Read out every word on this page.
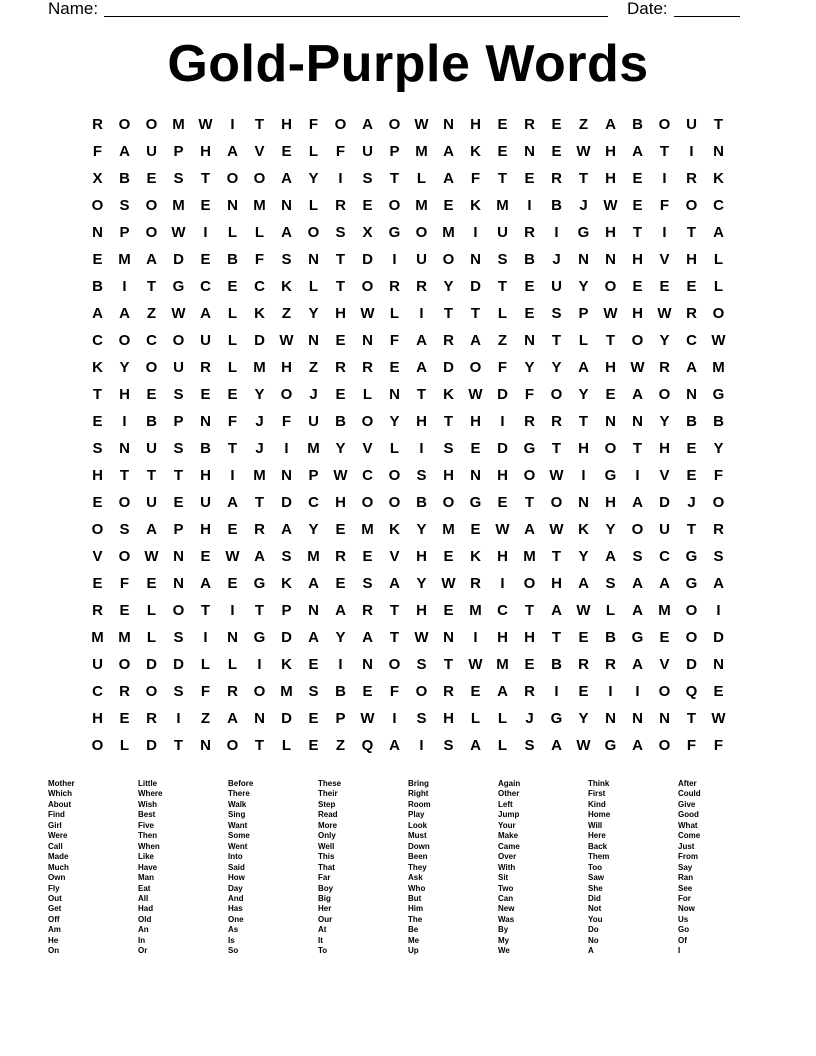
Name:	Date:
Gold-Purple Words
R	O	O M W	I	T	H	F	O	A	O W N	H	E	R	E	Z	A	B	O	U	T
F	A	U	P	H	A	V	E	L	F	U	P	M	A	K	E	N	E W H	A	T	I	N
X	B	E	S	T	O	O	A	Y	I	S	T	L	A	F	T	E	R	T	H	E	I	R	K
O	S	O M	E	N	M	N	L	R	E	O M	E	K	M	I	B	J	W E	F	O	C
N	P	O W	I	L	L	A	O	S	X	G	O M	I	U	R	I	G	H	T	I	T	A
E	M	A	D	E	B	F	S	N	T	D	I	U	O	N	S	B	J	N	N	H	V	H	L
B	I	T	G	C	E	C	K	L	T	O	R	R	Y	D	T	E	U	Y	O	E	E	E	L
A	A	Z	W A	L	K	Z	Y	H W	L	I	T	T	L	E	S	P W H W R	O
C	O	C	O	U	L	D W N	E	N	F	A	R	A	Z	N	T	L	T	O	Y	C W
K	Y	O	U	R	L	M	H	Z	R	R	E	A	D	O	F	Y	Y	A	H W R	A	M
T	H	E	S	E	E	Y	O	J	E	L	N	T	K W D	F	O	Y	E	A	O	N	G
E	I	B	P	N	F	J	F	U	B	O	Y	H	T	H	I	R	R	T	N	N	Y	B	B
S	N	U	S	B	T	J	I	M	Y	V	L	I	S	E	D	G	T	H	O	T	H	E	Y
H	T	T	T	H	I	M	N	P W C	O	S	H	N	H	O W	I	G	I	V	E	F
E	O	U	E	U	A	T	D	C	H	O	O	B	O	G	E	T	O	N	H	A	D	J	O
O	S	A	P	H	E	R	A	Y	E	M	K	Y	M	E W A W K	Y	O	U	T	R
V	O W N	E W A	S	M	R	E	V	H	E	K	H	M	T	Y	A	S	C	G	S
E	F	E	N	A	E	G	K	A	E	S	A	Y W R	I	O	H	A	S	A	A	G	A
R	E	L	O	T	I	T	P	N	A	R	T	H	E	M	C	T	A W	L	A	M O	I
M M	L	S	I	N	G	D	A	Y	A	T	W N	I	H	H	T	E	B	G	E	O	D
U	O	D	D	L	L	I	K	E	I	N	O	S	T	W M	E	B	R	R	A	V	D	N
C	R	O	S	F	R	O M	S	B	E	F	O	R	E	A	R	I	E	I	I	O	Q	E
H	E	R	I	Z	A	N	D	E	P W	I	S	H	L	L	J	G	Y	N	N	N	T	W
O	L	D	T	N	O	T	L	E	Z	Q	A	I	S	A	L	S	A W G	A	O	F	F
Mother
Which
About
Find
Girl
Were
Call
Made
Much
Own
Fly
Out
Get
Off
Am
He
On
Little
Where
Wish
Best
Five
Then
When
Like
Have
Man
Eat
All
Had
Old
An
In
Or
Before
There
Walk
Sing
Want
Some
Went
Into
Said
How
Day
And
Has
One
As
Is
So
These
Their
Step
Read
More
Only
Well
This
That
Far
Boy
Big
Her
Our
At
It
To
Bring
Right
Room
Play
Look
Must
Down
Been
They
Ask
Who
But
Him
The
Be
Me
Up
Again
Other
Left
Jump
Your
Make
Came
Over
With
Sit
Two
Can
New
Was
By
My
We
Think
First
Kind
Home
Will
Here
Back
Them
Too
Saw
She
Did
Not
You
Do
No
A
After
Could
Give
Good
What
Come
Just
From
Say
Ran
See
For
Now
Us
Go
Of
I
